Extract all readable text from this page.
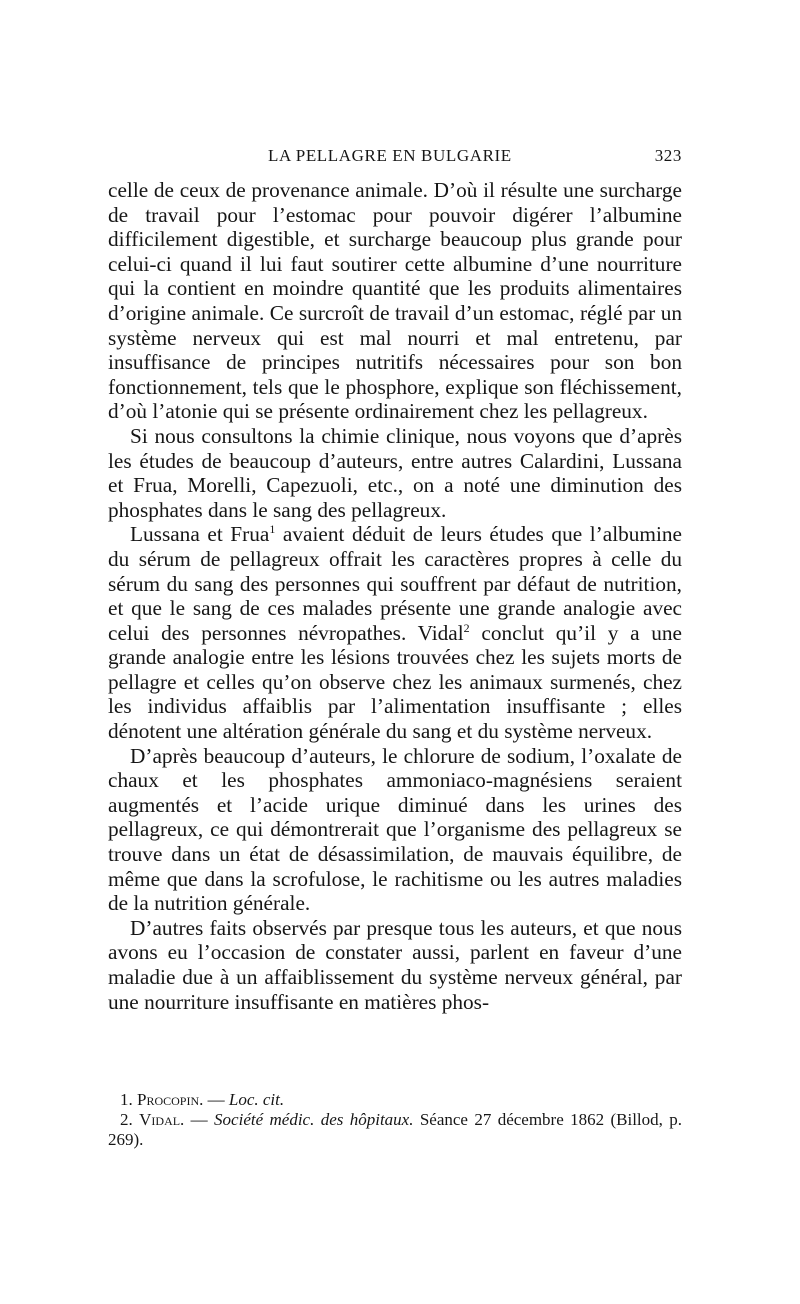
LA PELLAGRE EN BULGARIE	323

celle de ceux de provenance animale. D’où il résulte une surcharge de travail pour l’estomac pour pouvoir digérer l’albumine difficilement digestible, et surcharge beaucoup plus grande pour celui-ci quand il lui faut soutirer cette albumine d’une nourriture qui la contient en moindre quantité que les produits alimentaires d’origine animale. Ce surcroît de travail d’un estomac, réglé par un système nerveux qui est mal nourri et mal entretenu, par insuffisance de principes nutritifs nécessaires pour son bon fonctionnement, tels que le phosphore, explique son fléchissement, d’où l’atonie qui se présente ordinairement chez les pellagreux.

Si nous consultons la chimie clinique, nous voyons que d’après les études de beaucoup d’auteurs, entre autres Calardini, Lussana et Frua, Morelli, Capezuoli, etc., on a noté une diminution des phosphates dans le sang des pellagreux.

Lussana et Frua$^1$ avaient déduit de leurs études que l’albumine du sérum de pellagreux offrait les caractères propres à celle du sérum du sang des personnes qui souffrent par défaut de nutrition, et que le sang de ces malades présente une grande analogie avec celui des personnes névropathes. Vidal$^2$ conclut qu’il y a une grande analogie entre les lésions trouvées chez les sujets morts de pellagre et celles qu’on observe chez les animaux surmenés, chez les individus affaiblis par l’alimentation insuffisante ; elles dénotent une altération générale du sang et du système nerveux.

D’après beaucoup d’auteurs, le chlorure de sodium, l’oxalate de chaux et les phosphates ammoniaco-magnésiens seraient augmentés et l’acide urique diminué dans les urines des pellagreux, ce qui démontrerait que l’organisme des pellagreux se trouve dans un état de désassimilation, de mauvais équilibre, de même que dans la scrofulose, le rachitisme ou les autres maladies de la nutrition générale.

D’autres faits observés par presque tous les auteurs, et que nous avons eu l’occasion de constater aussi, parlent en faveur d’une maladie due à un affaiblissement du système nerveux général, par une nourriture insuffisante en matières phos-

1. Procopin. — Loc. cit.

2. Vidal. — Société médic. des hôpitaux. Séance 27 décembre 1862 (Billod, p. 269).
